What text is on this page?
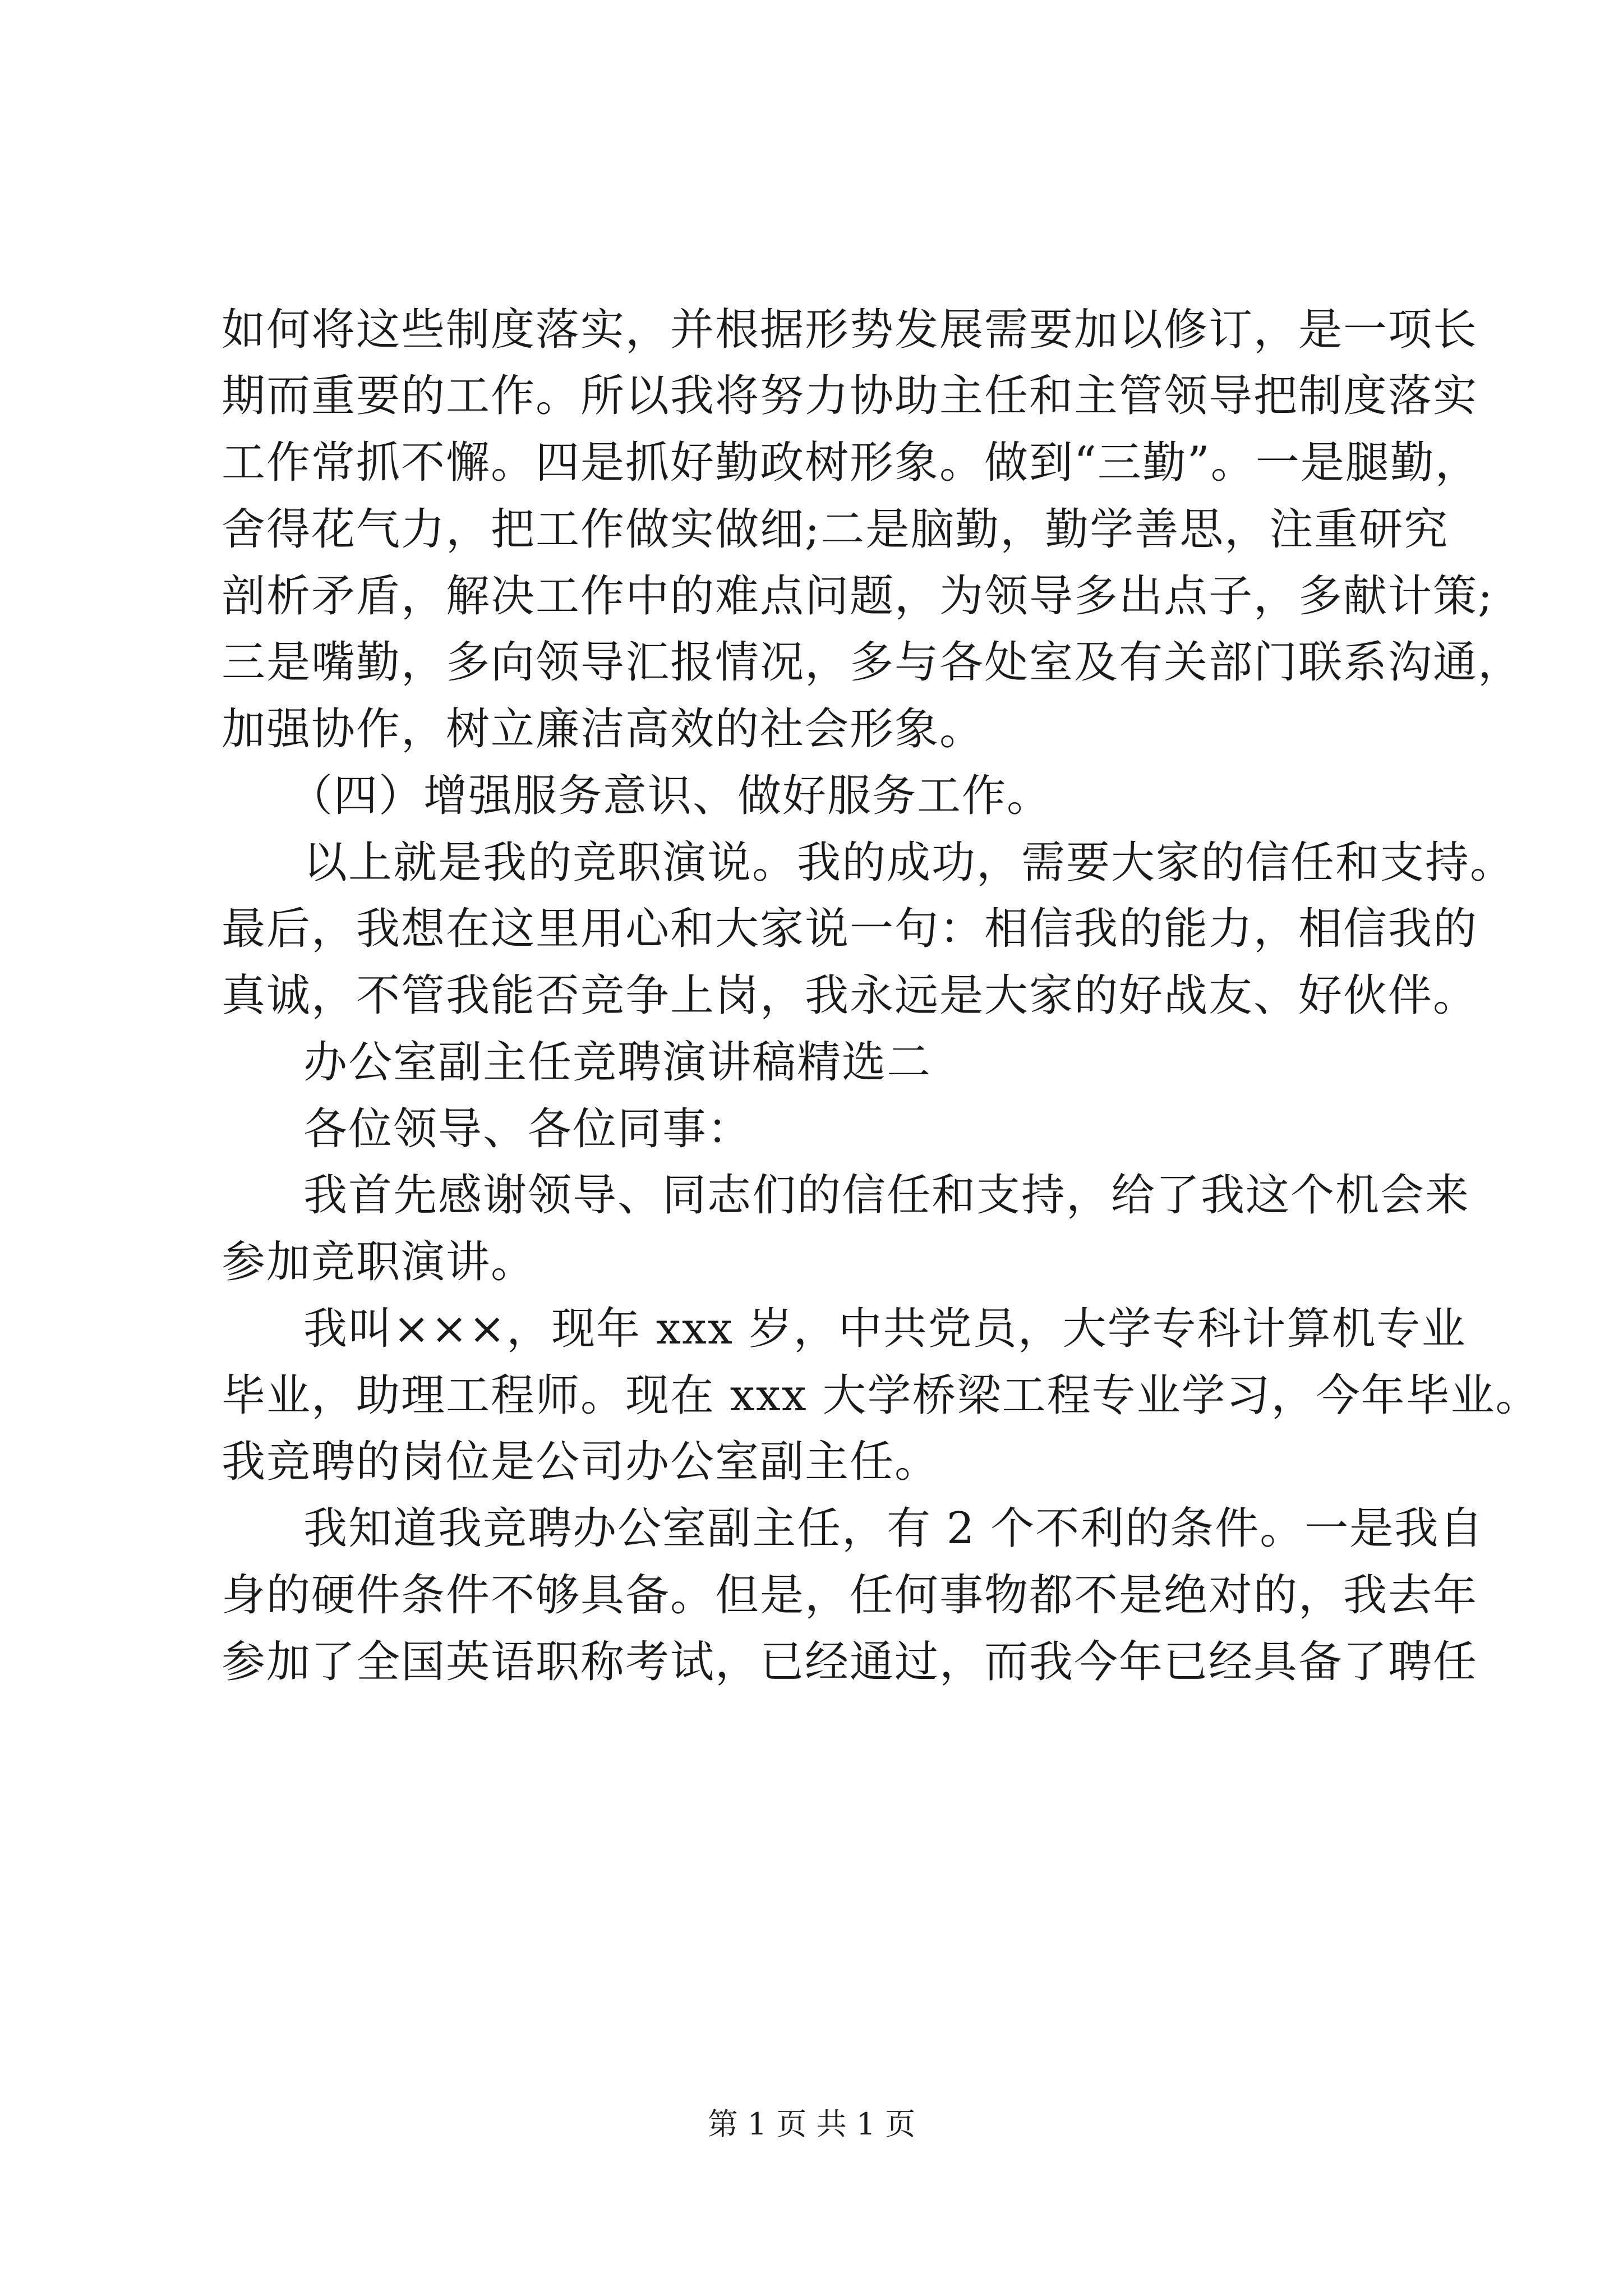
如何将这些制度落实，并根据形势发展需要加以修订，是一项长
期而重要的工作。所以我将努力协助主任和主管领导把制度落实
工作常抓不懈。四是抓好勤政树形象。做到“三勤”。一是腿勤，
舍得花气力，把工作做实做细;二是脑勤，勤学善思，注重研究
剖析矛盾，解决工作中的难点问题，为领导多出点子，多献计策;
三是嘴勤，多向领导汇报情况，多与各处室及有关部门联系沟通，
加强协作，树立廉洁高效的社会形象。
（四）增强服务意识、做好服务工作。
以上就是我的竞职演说。我的成功，需要大家的信任和支持。
最后，我想在这里用心和大家说一句：相信我的能力，相信我的
真诚，不管我能否竞争上岗，我永远是大家的好战友、好伙伴。
办公室副主任竞聘演讲稿精选二
各位领导、各位同事：
我首先感谢领导、同志们的信任和支持，给了我这个机会来
参加竞职演讲。
我叫×××，现年 xxx 岁，中共党员，大学专科计算机专业
毕业，助理工程师。现在 xxx 大学桥梁工程专业学习，今年毕业。
我竞聘的岗位是公司办公室副主任。
我知道我竞聘办公室副主任，有 2 个不利的条件。一是我自
身的硬件条件不够具备。但是，任何事物都不是绝对的，我去年
参加了全国英语职称考试，已经通过，而我今年已经具备了聘任
第 1 页 共 1 页
